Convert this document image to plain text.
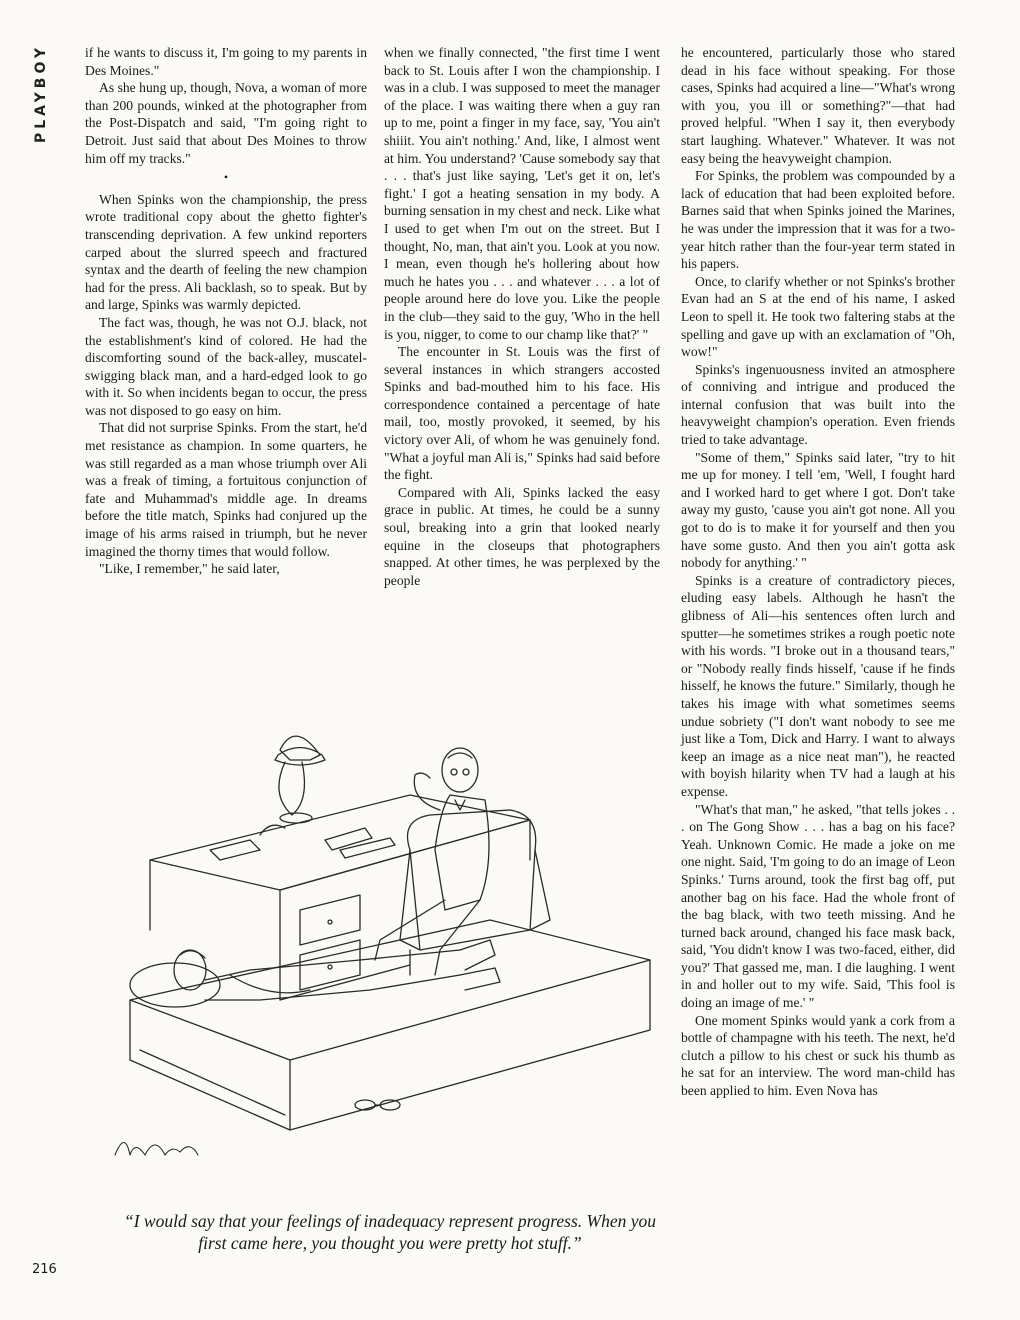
PLAYBOY	if he wants to discuss it, I'm going to my parents in Des Moines."

As she hung up, though, Nova, a woman of more than 200 pounds, winked at the photographer from the Post-Dispatch and said, "I'm going right to Detroit. Just said that about Des Moines to throw him off my tracks."

•

When Spinks won the championship, the press wrote traditional copy about the ghetto fighter's transcending deprivation. A few unkind reporters carped about the slurred speech and fractured syntax and the dearth of feeling the new champion had for the press. Ali backlash, so to speak. But by and large, Spinks was warmly depicted.

The fact was, though, he was not O.J. black, not the establishment's kind of colored. He had the discomforting sound of the back-alley, muscatel-swigging black man, and a hard-edged look to go with it. So when incidents began to occur, the press was not disposed to go easy on him.

That did not surprise Spinks. From the start, he'd met resistance as champion. In some quarters, he was still regarded as a man whose triumph over Ali was a freak of timing, a fortuitous conjunction of fate and Muhammad's middle age. In dreams before the title match, Spinks had conjured up the image of his arms raised in triumph, but he never imagined the thorny times that would follow.

"Like, I remember," he said later,

when we finally connected, "the first time I went back to St. Louis after I won the championship. I was in a club. I was supposed to meet the manager of the place. I was waiting there when a guy ran up to me, point a finger in my face, say, 'You ain't shiiit. You ain't nothing.' And, like, I almost went at him. You understand? 'Cause somebody say that . . . that's just like saying, 'Let's get it on, let's fight.' I got a heating sensation in my body. A burning sensation in my chest and neck. Like what I used to get when I'm out on the street. But I thought, No, man, that ain't you. Look at you now. I mean, even though he's hollering about how much he hates you . . . and whatever . . . a lot of people around here do love you. Like the people in the club—they said to the guy, 'Who in the hell is you, nigger, to come to our champ like that?' "

The encounter in St. Louis was the first of several instances in which strangers accosted Spinks and bad-mouthed him to his face. His correspondence contained a percentage of hate mail, too, mostly provoked, it seemed, by his victory over Ali, of whom he was genuinely fond. "What a joyful man Ali is," Spinks had said before the fight.

Compared with Ali, Spinks lacked the easy grace in public. At times, he could be a sunny soul, breaking into a grin that looked nearly equine in the closeups that photographers snapped. At other times, he was perplexed by the people

he encountered, particularly those who stared dead in his face without speaking. For those cases, Spinks had acquired a line—"What's wrong with you, you ill or something?"—that had proved helpful. "When I say it, then everybody start laughing. Whatever." Whatever. It was not easy being the heavyweight champion.

For Spinks, the problem was compounded by a lack of education that had been exploited before. Barnes said that when Spinks joined the Marines, he was under the impression that it was for a two-year hitch rather than the four-year term stated in his papers.

Once, to clarify whether or not Spinks's brother Evan had an S at the end of his name, I asked Leon to spell it. He took two faltering stabs at the spelling and gave up with an exclamation of "Oh, wow!"

Spinks's ingenuousness invited an atmosphere of conniving and intrigue and produced the internal confusion that was built into the heavyweight champion's operation. Even friends tried to take advantage.

"Some of them," Spinks said later, "try to hit me up for money. I tell 'em, 'Well, I fought hard and I worked hard to get where I got. Don't take away my gusto, 'cause you ain't got none. All you got to do is to make it for yourself and then you have some gusto. And then you ain't gotta ask nobody for anything.' "

Spinks is a creature of contradictory pieces, eluding easy labels. Although he hasn't the glibness of Ali—his sentences often lurch and sputter—he sometimes strikes a rough poetic note with his words. "I broke out in a thousand tears," or "Nobody really finds hisself, 'cause if he finds hisself, he knows the future." Similarly, though he takes his image with what sometimes seems undue sobriety ("I don't want nobody to see me just like a Tom, Dick and Harry. I want to always keep an image as a nice neat man"), he reacted with boyish hilarity when TV had a laugh at his expense.

"What's that man," he asked, "that tells jokes . . . on The Gong Show . . . has a bag on his face? Yeah. Unknown Comic. He made a joke on me one night. Said, 'I'm going to do an image of Leon Spinks.' Turns around, took the first bag off, put another bag on his face. Had the whole front of the bag black, with two teeth missing. And he turned back around, changed his face mask back, said, 'You didn't know I was two-faced, either, did you?' That gassed me, man. I die laughing. I went in and holler out to my wife. Said, 'This fool is doing an image of me.' "

One moment Spinks would yank a cork from a bottle of champagne with his teeth. The next, he'd clutch a pillow to his chest or suck his thumb as he sat for an interview. The word man-child has been applied to him. Even Nova has

“I would say that your feelings of inadequacy represent progress. When you first came here, you thought you were pretty hot stuff.”
216
